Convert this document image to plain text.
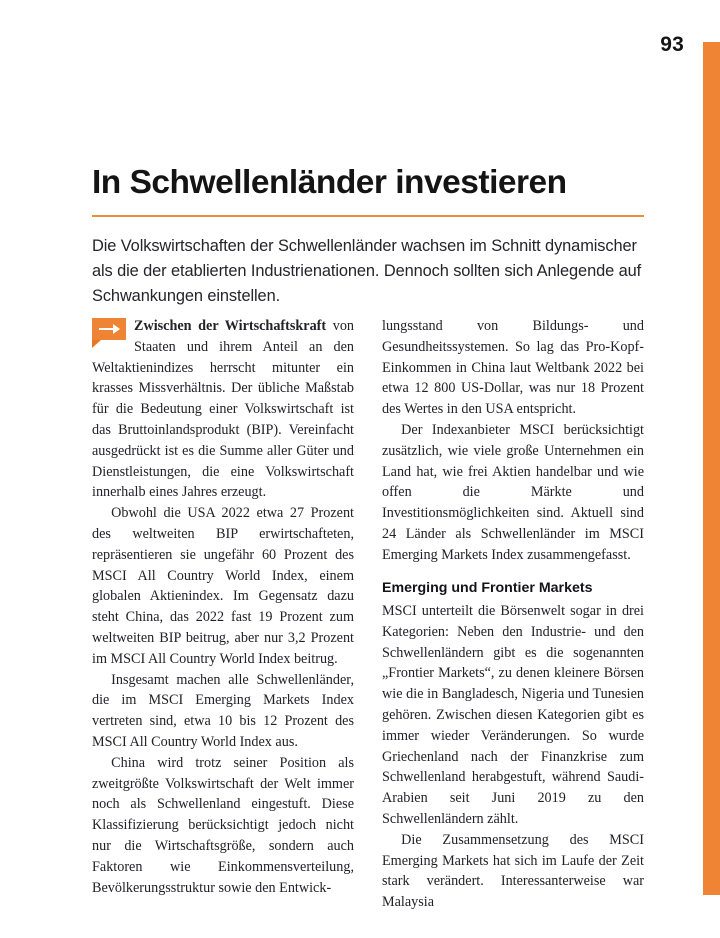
93
In Schwellenländer investieren
Die Volkswirtschaften der Schwellenländer wachsen im Schnitt dynamischer als die der etablierten Industrienationen. Dennoch sollten sich Anlegende auf Schwankungen einstellen.

Zwischen der Wirtschaftskraft von Staaten und ihrem Anteil an den Weltaktienindizes herrscht mitunter ein krasses Missverhältnis. Der übliche Maßstab für die Bedeutung einer Volkswirtschaft ist das Bruttoinlandsprodukt (BIP). Vereinfacht ausgedrückt ist es die Summe aller Güter und Dienstleistungen, die eine Volkswirtschaft innerhalb eines Jahres erzeugt.

Obwohl die USA 2022 etwa 27 Prozent des weltweiten BIP erwirtschafteten, repräsentieren sie ungefähr 60 Prozent des MSCI All Country World Index, einem globalen Aktienindex. Im Gegensatz dazu steht China, das 2022 fast 19 Prozent zum weltweiten BIP beitrug, aber nur 3,2 Prozent im MSCI All Country World Index beitrug.

Insgesamt machen alle Schwellenländer, die im MSCI Emerging Markets Index vertreten sind, etwa 10 bis 12 Prozent des MSCI All Country World Index aus.

China wird trotz seiner Position als zweitgrößte Volkswirtschaft der Welt immer noch als Schwellenland eingestuft. Diese Klassifizierung berücksichtigt jedoch nicht nur die Wirtschaftsgröße, sondern auch Faktoren wie Einkommensverteilung, Bevölkerungsstruktur sowie den Entwick-

lungsstand von Bildungs- und Gesundheitssystemen. So lag das Pro-Kopf-Einkommen in China laut Weltbank 2022 bei etwa 12 800 US-Dollar, was nur 18 Prozent des Wertes in den USA entspricht.

Der Indexanbieter MSCI berücksichtigt zusätzlich, wie viele große Unternehmen ein Land hat, wie frei Aktien handelbar und wie offen die Märkte und Investitionsmöglichkeiten sind. Aktuell sind 24 Länder als Schwellenländer im MSCI Emerging Markets Index zusammengefasst.

Emerging und Frontier Markets

MSCI unterteilt die Börsenwelt sogar in drei Kategorien: Neben den Industrie- und den Schwellenländern gibt es die sogenannten „Frontier Markets“, zu denen kleinere Börsen wie die in Bangladesch, Nigeria und Tunesien gehören. Zwischen diesen Kategorien gibt es immer wieder Veränderungen. So wurde Griechenland nach der Finanzkrise zum Schwellenland herabgestuft, während Saudi-Arabien seit Juni 2019 zu den Schwellenländern zählt.

Die Zusammensetzung des MSCI Emerging Markets hat sich im Laufe der Zeit stark verändert. Interessanterweise war Malaysia
